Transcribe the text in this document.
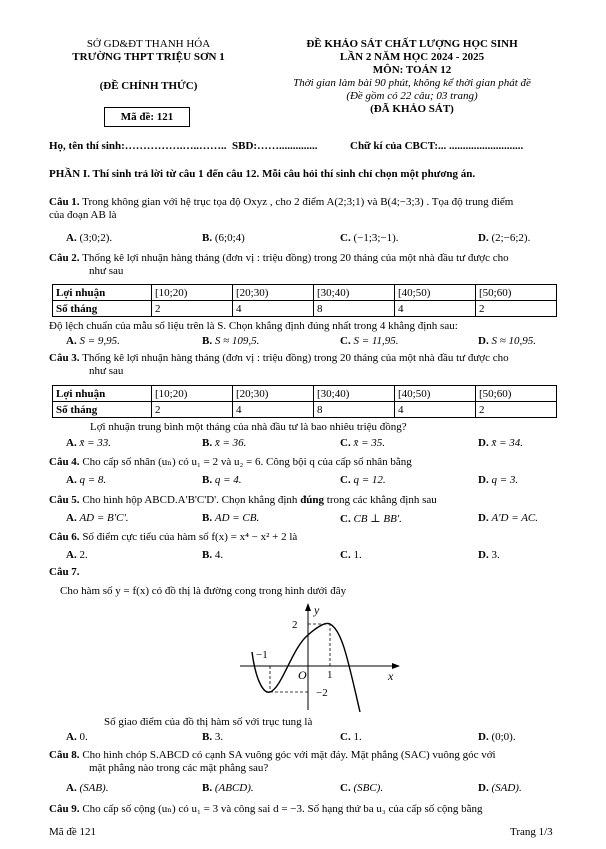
SỞ GD&ĐT THANH HÓA
TRƯỜNG THPT TRIỆU SƠN 1
(ĐỀ CHÍNH THỨC)
Mã đề: 121
ĐỀ KHẢO SÁT CHẤT LƯỢNG HỌC SINH
LẦN 2 NĂM HỌC 2024 - 2025
MÔN: TOÁN 12
Thời gian làm bài 90 phút, không kể thời gian phát đề
(Đề gồm có 22 câu; 03 trang)
(ĐÃ KHẢO SÁT)
Họ, tên thí sinh:…………….…..…….. SBD:……..............	Chữ kí của CBCT:... ...........................
PHẦN I. Thí sinh trả lời từ câu 1 đến câu 12. Mỗi câu hỏi thí sinh chỉ chọn một phương án.
Câu 1. Trong không gian với hệ trục tọa độ Oxyz , cho 2 điểm A(2;3;1) và B(4;−3;3) . Tọa độ trung điểm
của đoạn AB là
A. (3;0;2).	B. (6;0;4)	C. (−1;3;−1).	D. (2;−6;2).
Câu 2. Thống kê lợi nhuận hàng tháng (đơn vị : triệu đồng) trong 20 tháng của một nhà đầu tư được cho
như sau
Lợi nhuận	[10;20)	[20;30)	[30;40)	[40;50)	[50;60)
Số tháng	2	4	8	4	2
Độ lệch chuẩn của mẫu số liệu trên là S. Chọn khẳng định đúng nhất trong 4 khẳng định sau:
A. S = 9,95.	B. S ≈ 109,5.	C. S = 11,95.	D. S ≈ 10,95.
Câu 3. Thống kê lợi nhuận hàng tháng (đơn vị : triệu đồng) trong 20 tháng của một nhà đầu tư được cho
như sau
Lợi nhuận	[10;20)	[20;30)	[30;40)	[40;50)	[50;60)
Số tháng	2	4	8	4	2
Lợi nhuận trung bình một tháng của nhà đầu tư là bao nhiêu triệu đồng?
A. x̄ = 33.	B. x̄ = 36.	C. x̄ = 35.	D. x̄ = 34.
Câu 4. Cho cấp số nhân (uₙ) có u₁ = 2 và u₂ = 6. Công bội q của cấp số nhân bằng
A. q = 8.	B. q = 4.	C. q = 12.	D. q = 3.
Câu 5. Cho hình hộp ABCD.A'B'C'D'. Chọn khẳng định đúng trong các khẳng định sau
A. AD = B'C'.	B. AD = CB.	C. CB ⊥ BB'.	D. A'D = AC.
Câu 6. Số điểm cực tiểu của hàm số f(x) = x⁴ − x² + 2 là
A. 2.	B. 4.	C. 1.	D. 3.
Câu 7.
Cho hàm số y = f(x) có đồ thị là đường cong trong hình dưới đây
y
x
O
−1
1
2
−2
Số giao điểm của đồ thị hàm số với trục tung là
A. 0.	B. 3.	C. 1.	D. (0;0).
Câu 8. Cho hình chóp S.ABCD có cạnh SA vuông góc với mặt đáy. Mặt phẳng (SAC) vuông góc với
mặt phẳng nào trong các mặt phẳng sau?
A. (SAB).	B. (ABCD).	C. (SBC).	D. (SAD).
Câu 9. Cho cấp số cộng (uₙ) có u₁ = 3 và công sai d = −3. Số hạng thứ ba u₃ của cấp số cộng bằng
Mã đề 121	Trang 1/3
